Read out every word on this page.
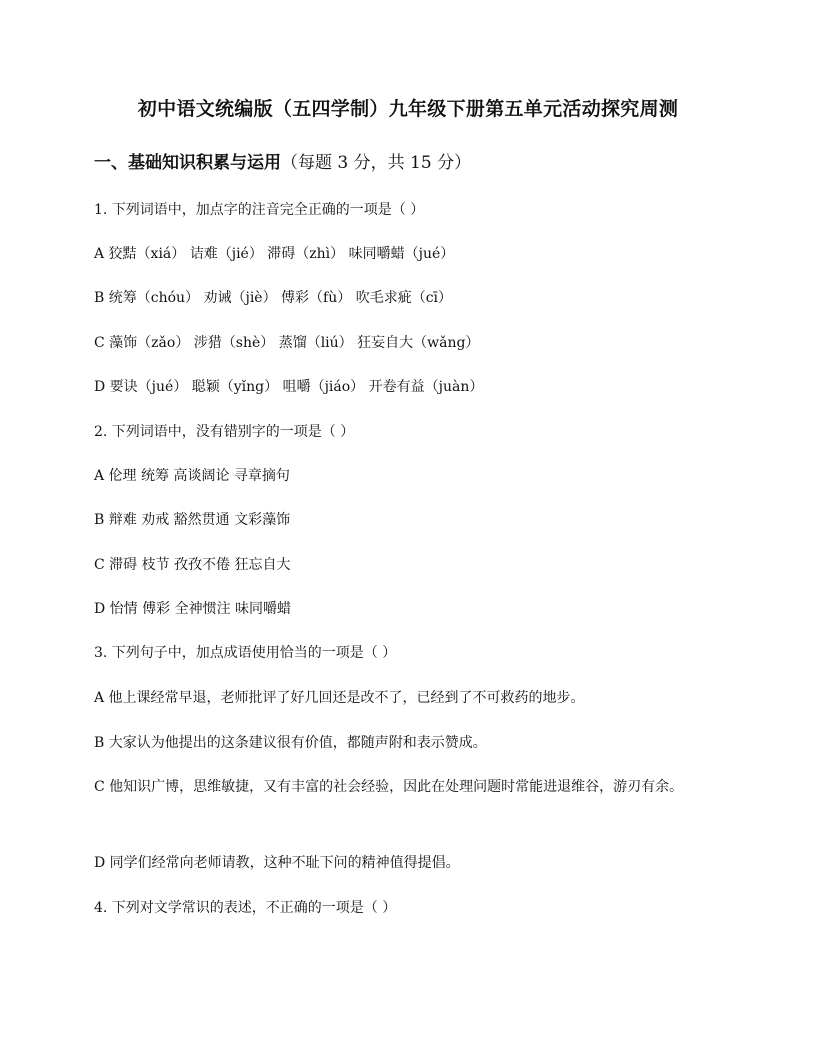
初中语文统编版（五四学制）九年级下册第五单元活动探究周测
一、基础知识积累与运用（每题 3 分，共 15 分）
1. 下列词语中，加点字的注音完全正确的一项是（ ）
A 狡黠（xiá） 诘难（jié） 滞碍（zhì） 味同嚼蜡（jué）
B 统筹（chóu） 劝诫（jiè） 傅彩（fù） 吹毛求疵（cī）
C 藻饰（zǎo） 涉猎（shè） 蒸馏（liú） 狂妄自大（wǎng）
D 要诀（jué） 聪颖（yǐng） 咀嚼（jiáo） 开卷有益（juàn）
2. 下列词语中，没有错别字的一项是（ ）
A 伦理 统筹 高谈阔论 寻章摘句
B 辩难 劝戒 豁然贯通 文彩藻饰
C 滞碍 枝节 孜孜不倦 狂忘自大
D 怡情 傅彩 全神惯注 味同嚼蜡
3. 下列句子中，加点成语使用恰当的一项是（ ）
A 他上课经常早退，老师批评了好几回还是改不了，已经到了不可救药的地步。
B 大家认为他提出的这条建议很有价值，都随声附和表示赞成。
C 他知识广博，思维敏捷，又有丰富的社会经验，因此在处理问题时常能进退维谷，游刃有余。
D 同学们经常向老师请教，这种不耻下问的精神值得提倡。
4. 下列对文学常识的表述，不正确的一项是（ ）
